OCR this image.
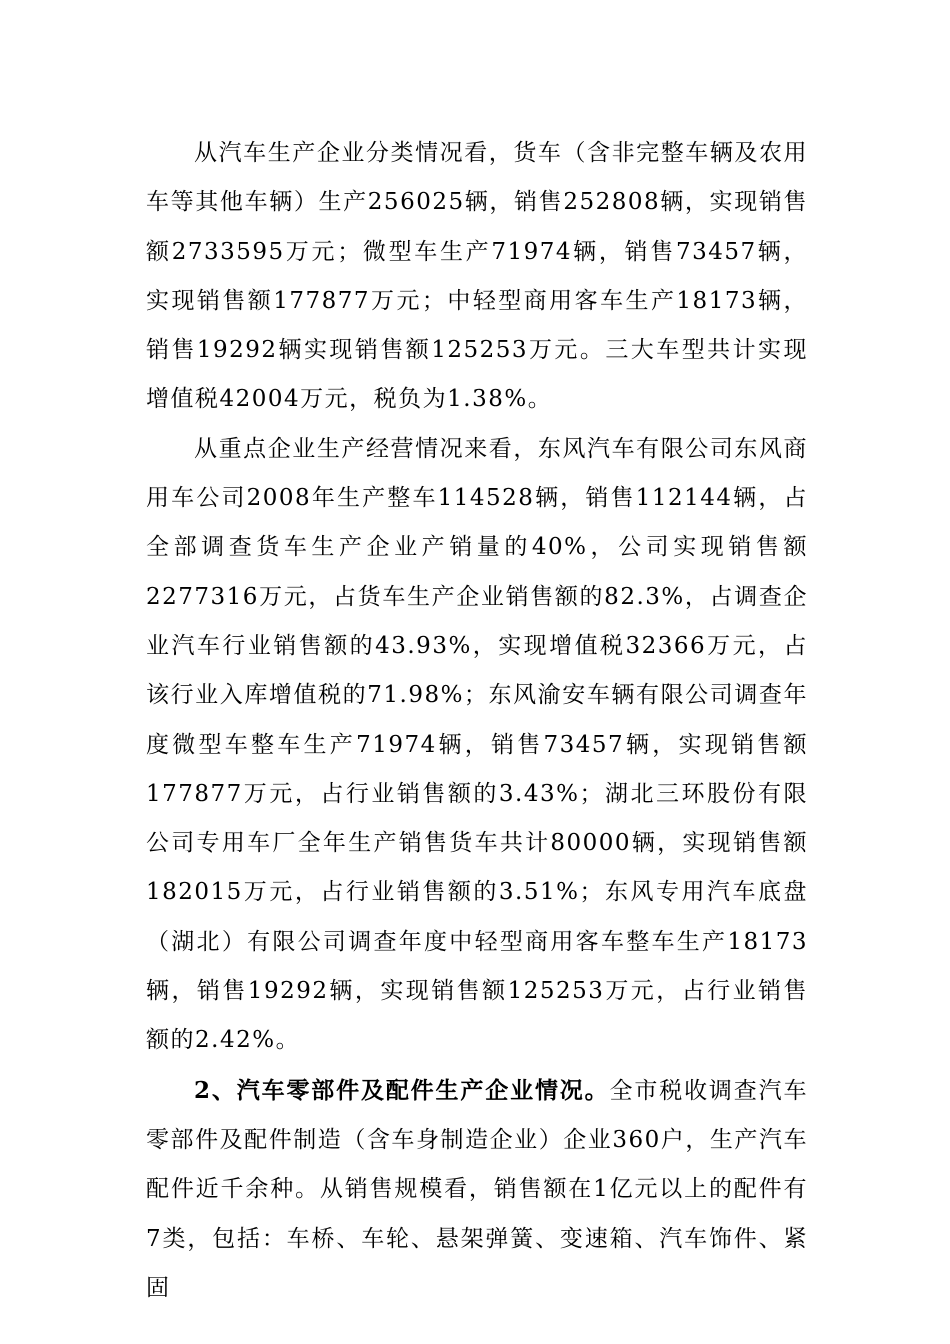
从汽车生产企业分类情况看，货车（含非完整车辆及农用车等其他车辆）生产256025辆，销售252808辆，实现销售额2733595万元；微型车生产71974辆，销售73457辆，实现销售额177877万元；中轻型商用客车生产18173辆，销售19292辆实现销售额125253万元。三大车型共计实现增值税42004万元，税负为1.38%。

从重点企业生产经营情况来看，东风汽车有限公司东风商用车公司2008年生产整车114528辆，销售112144辆，占全部调查货车生产企业产销量的40%，公司实现销售额2277316万元，占货车生产企业销售额的82.3%，占调查企业汽车行业销售额的43.93%，实现增值税32366万元，占该行业入库增值税的71.98%；东风渝安车辆有限公司调查年度微型车整车生产71974辆，销售73457辆，实现销售额177877万元，占行业销售额的3.43%；湖北三环股份有限公司专用车厂全年生产销售货车共计80000辆，实现销售额182015万元，占行业销售额的3.51%；东风专用汽车底盘（湖北）有限公司调查年度中轻型商用客车整车生产18173辆，销售19292辆，实现销售额125253万元，占行业销售额的2.42%。

2、汽车零部件及配件生产企业情况。全市税收调查汽车零部件及配件制造（含车身制造企业）企业360户，生产汽车配件近千余种。从销售规模看，销售额在1亿元以上的配件有7类，包括：车桥、车轮、悬架弹簧、变速箱、汽车饰件、紧固
